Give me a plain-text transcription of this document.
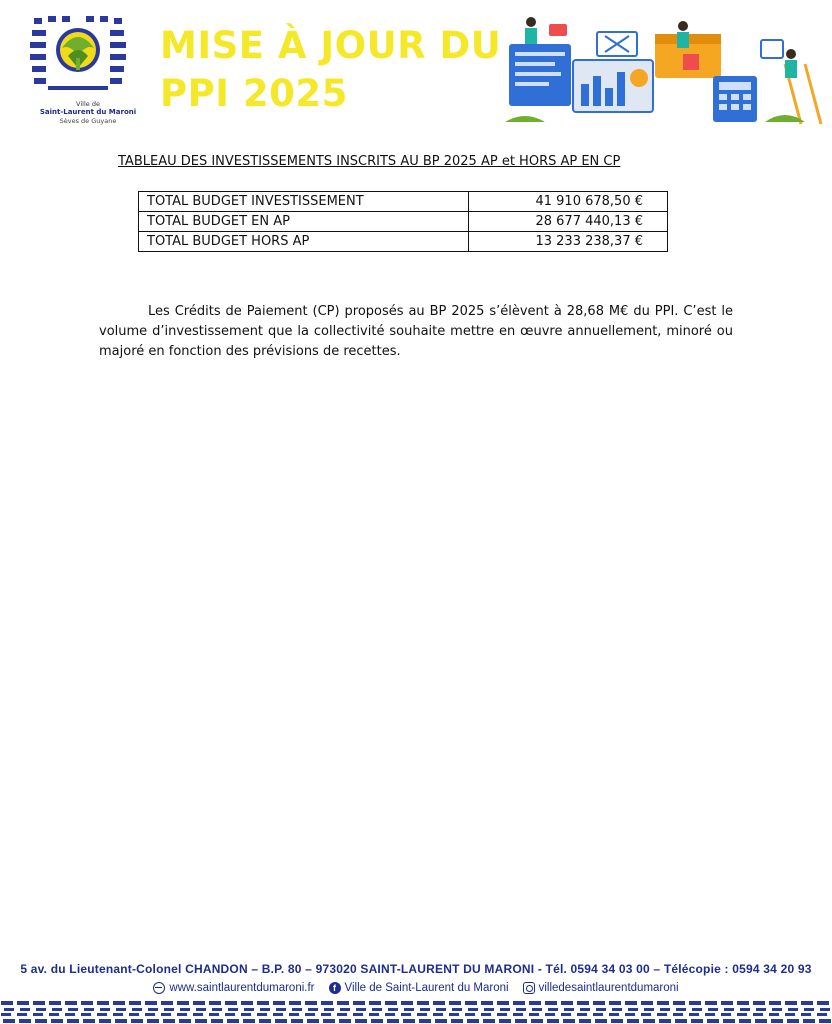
Ville de
Saint-Laurent du Maroni
Sèves de Guyane
MISE À JOUR DU
PPI 2025
TABLEAU DES INVESTISSEMENTS INSCRITS AU BP 2025 AP et HORS AP EN CP
TOTAL BUDGET INVESTISSEMENT	41 910 678,50 €
TOTAL BUDGET EN AP	28 677 440,13 €
TOTAL BUDGET HORS AP	13 233 238,37 €
Les Crédits de Paiement (CP) proposés au BP 2025 s’élèvent à 28,68 M€ du PPI. C’est le volume d’investissement que la collectivité souhaite mettre en œuvre annuellement, minoré ou majoré en fonction des prévisions de recettes.
5 av. du Lieutenant-Colonel CHANDON – B.P. 80 – 973020 SAINT-LAURENT DU MARONI - Tél. 0594 34 03 00 – Télécopie : 0594 34 20 93
www.saintlaurentdumaroni.fr	f Ville de Saint-Laurent du Maroni	villedesaintlaurentdumaroni
